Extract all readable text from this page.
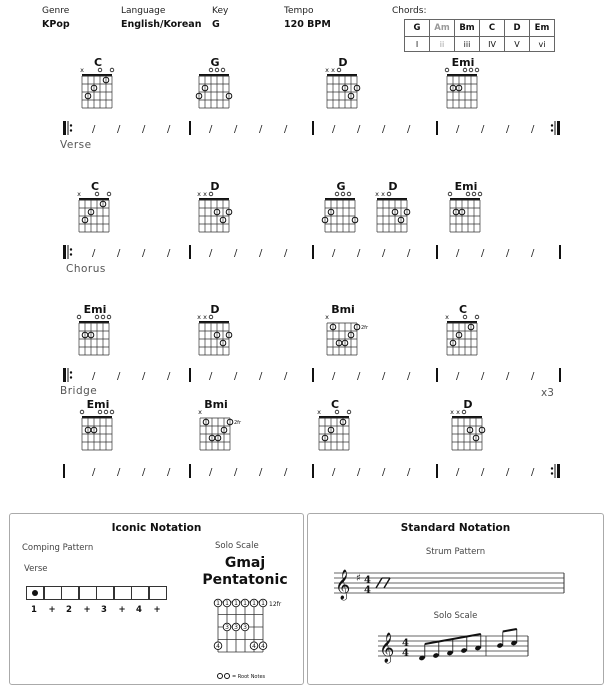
Genre
KPop
Language
English/Korean
Key
G
Tempo
120 BPM
Chords:
G	Am	Bm	C	D	Em
I	ii	iii	IV	V	vi
C
x
G	D
x x
Emi
C
x
D
x x
G	D
x x
Emi
Emi	D
x x
Bmi
x
2fr
C
x
Emi	Bmi
x
2fr
C
x
D
x x
/ / / /	/ / / /	/ / / /	/ / / /
/ / / /	/ / / /	/ / / /	/ / / /
/ / / /	/ / / /	/ / / /	/ / / /
/ / / /	/ / / /	/ / / /	/ / / /
Verse
Chorus
Bridge	x3
Iconic Notation
Comping Pattern
Verse
1 + 2 + 3 + 4 +
Solo Scale
Gmaj
Pentatonic
1 1 1 1 1 1
3 3 3
4	4 4
12fr
= Root Notes
Standard Notation
Strum Pattern
Solo Scale
𝄞 ♯ 4
4
𝄞 4
4
